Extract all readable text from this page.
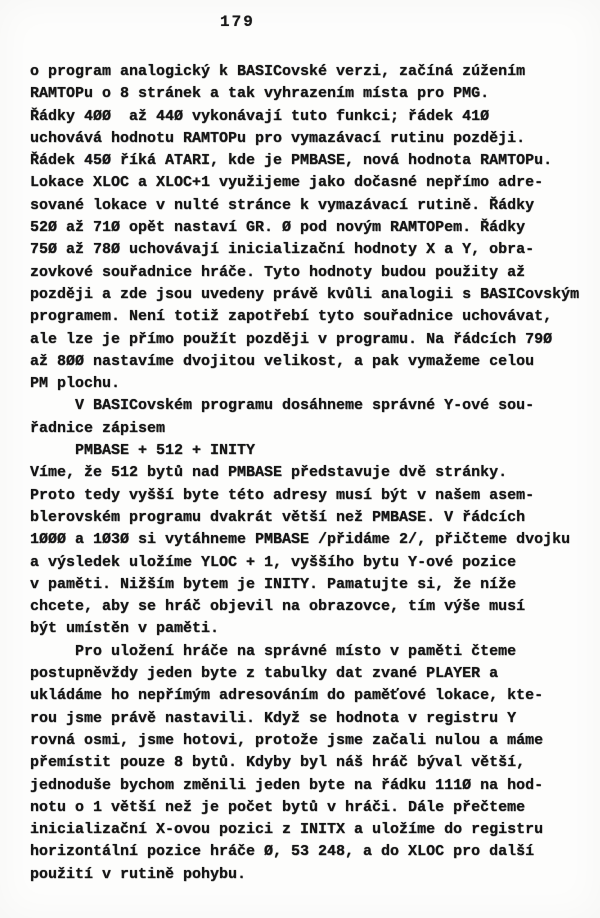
179
o program analogický k BASICovské verzi, začíná zúžením
RAMTOPu o 8 stránek a tak vyhrazením místa pro PMG.
Řádky 4ØØ  až 44Ø vykonávají tuto funkci; řádek 41Ø
uchovává hodnotu RAMTOPu pro vymazávací rutinu později.
Řádek 45Ø říká ATARI, kde je PMBASE, nová hodnota RAMTOPu.
Lokace XLOC a XLOC+1 využijeme jako dočasné nepřímo adre-
sované lokace v nulté stránce k vymazávací rutině. Řádky
52Ø až 71Ø opět nastaví GR. Ø pod novým RAMTOPem. Řádky
75Ø až 78Ø uchovávají inicializační hodnoty X a Y, obra-
zovkové souřadnice hráče. Tyto hodnoty budou použity až
později a zde jsou uvedeny právě kvůli analogii s BASICovským
programem. Není totiž zapotřebí tyto souřadnice uchovávat,
ale lze je přímo použít později v programu. Na řádcích 79Ø
až 8ØØ nastavíme dvojitou velikost, a pak vymažeme celou
PM plochu.
V BASICovském programu dosáhneme správné Y-ové sou-
řadnice zápisem
PMBASE + 512 + INITY
Víme, že 512 bytů nad PMBASE představuje dvě stránky.
Proto tedy vyšší byte této adresy musí být v našem asem-
blerovském programu dvakrát větší než PMBASE. V řádcích
1ØØØ a 1Ø3Ø si vytáhneme PMBASE /přidáme 2/, přičteme dvojku
a výsledek uložíme YLOC + 1, vyššího bytu Y-ové pozice
v paměti. Nižším bytem je INITY. Pamatujte si, že níže
chcete, aby se hráč objevil na obrazovce, tím výše musí
být umístěn v paměti.
Pro uložení hráče na správné místo v paměti čteme
postupněvždy jeden byte z tabulky dat zvané PLAYER a
ukládáme ho nepřímým adresováním do paměťové lokace, kte-
rou jsme právě nastavili. Když se hodnota v registru Y
rovná osmi, jsme hotovi, protože jsme začali nulou a máme
přemístit pouze 8 bytů. Kdyby byl náš hráč býval větší,
jednoduše bychom změnili jeden byte na řádku 111Ø na hod-
notu o 1 větší než je počet bytů v hráči. Dále přečteme
inicializační X-ovou pozici z INITX a uložíme do registru
horizontální pozice hráče Ø, 53 248, a do XLOC pro další
použití v rutině pohybu.
